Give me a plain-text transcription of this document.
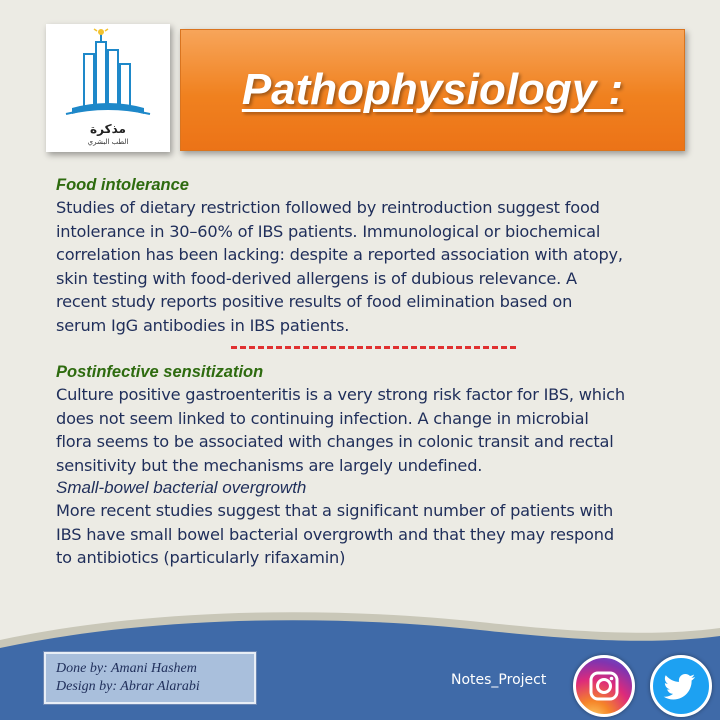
مذكرة
الطب البشري
Pathophysiology :

Food intolerance

Studies of dietary restriction followed by reintroduction suggest food

intolerance in 30–60% of IBS patients. Immunological or biochemical

correlation has been lacking: despite a reported association with atopy,

skin testing with food-derived allergens is of dubious relevance. A

recent study reports positive results of food elimination based on

serum IgG antibodies in IBS patients.

Postinfective sensitization

Culture positive gastroenteritis is a very strong risk factor for IBS, which

does not seem linked to continuing infection. A change in microbial

flora seems to be associated with changes in colonic transit and rectal

sensitivity but the mechanisms are largely undefined.

Small-bowel bacterial overgrowth

More recent studies suggest that a significant number of patients with

IBS have small bowel bacterial overgrowth and that they may respond

to antibiotics (particularly rifaxamin)

Done by: Amani Hashem
Design by: Abrar Alarabi	Notes_Project
